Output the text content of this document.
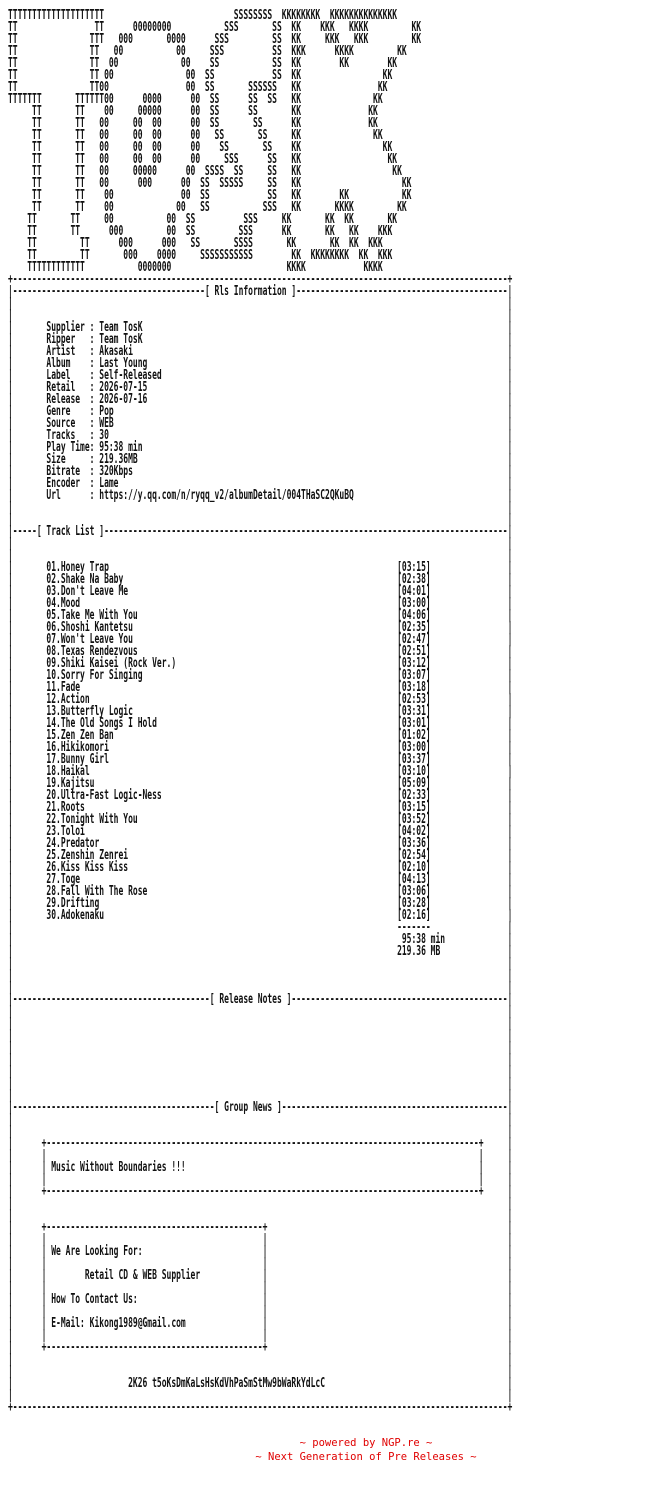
TTTTTTTTTTTTTTTTTTTT                           SSSSSSSS  KKKKKKKK  KKKKKKKKKKKKKK
TT                TT      00000000           SSS       SS  KK    KKK   KKKK         KK
TT               TTT   000       0000      SSS         SS  KK     KKK   KKK         KK
TT               TT   00           00     SSS          SS  KKK      KKKK         KK
TT               TT  00             00    SS           SS  KK        KK        KK
TT               TT 00               00  SS            SS  KK                 KK
TT               TT00                00  SS       SSSSSS   KK                KK
TTTTTTT       TTTTTT00      0000      00  SS      SS  SS   KK               KK
TT       TT    00     00000      00  SS      SS       KK              KK
TT       TT   00     00  00      00  SS       SS      KK              KK
TT       TT   00     00  00      00   SS       SS     KK               KK
TT       TT   00     00  00      00    SS       SS    KK                 KK
TT       TT   00     00  00      00     SSS      SS   KK                  KK
TT       TT   00     00000      00  SSSS  SS     SS   KK                   KK
TT       TT   00      000      00  SS  SSSSS     SS   KK                     KK
TT       TT    00              00  SS            SS   KK        KK           KK
TT       TT    00             00   SS           SSS   KK       KKKK         KK
TT       TT     00           00  SS          SSS     KK       KK  KK       KK
TT       TT      000         00  SS         SSS      KK       KK   KK    KKK
TT         TT      000      000   SS       SSSS       KK       KK  KK  KKK
TT         TT       000    0000     SSSSSSSSSSS        KK  KKKKKKKK  KK  KKK
TTTTTTTTTTTT           0000000                        KKKK            KKKK
+-------------------------------------------------------------------------------------------------------+
|----------------------------------------[ Rls Information ]--------------------------------------------|
|                                                                                                       |
|                                                                                                       |
|       Supplier : Team TosK	|
|       Ripper   : Team TosK	|
|       Artist   : Akasaki	|
|       Album    : Last Young	|
|       Label    : Self-Released	|
|       Retail   : 2026-07-15	|
|       Release  : 2026-07-16	|
|       Genre    : Pop	|
|       Source   : WEB	|
|       Tracks   : 30	|
|       Play Time: 95:38 min	|
|       Size     : 219.36MB	|
|       Bitrate  : 320Kbps	|
|       Encoder  : Lame	|
|       Url      : https://y.qq.com/n/ryqq_v2/albumDetail/004THaSC2QKuBQ	|
|                                                                                                       |
|                                                                                                       |
|-----[ Track List ]------------------------------------------------------------------------------------|
|                                                                                                       |
|                                                                                                       |
|       01.Honey Trap	[03:15]	|
|       02.Shake Na Baby	[02:38]	|
|       03.Don't Leave Me	[04:01]	|
|       04.Mood	[03:00]	|
|       05.Take Me With You	[04:06]	|
|       06.Shoshi Kantetsu	[02:35]	|
|       07.Won't Leave You	[02:47]	|
|       08.Texas Rendezvous	[02:51]	|
|       09.Shiki Kaisei (Rock Ver.)	[03:12]	|
|       10.Sorry For Singing	[03:07]	|
|       11.Fade	[03:18]	|
|       12.Action	[02:53]	|
|       13.Butterfly Logic	[03:31]	|
|       14.The Old Songs I Hold	[03:01]	|
|       15.Zen Zen Ban	[01:02]	|
|       16.Hikikomori	[03:00]	|
|       17.Bunny Girl	[03:37]	|
|       18.Haikal	[03:10]	|
|       19.Kajitsu	[05:09]	|
|       20.Ultra-Fast Logic-Ness	[02:33]	|
|       21.Roots	[03:15]	|
|       22.Tonight With You	[03:52]	|
|       23.Toloi	[04:02]	|
|       24.Predator	[03:36]	|
|       25.Zenshin Zenrei	[02:54]	|
|       26.Kiss Kiss Kiss	[02:10]	|
|       27.Toge	[04:13]	|
|       28.Fall With The Rose	[03:06]	|
|       29.Drifting	[03:28]	|
|       30.Adokenaku	[02:16]	|
|                                                                                -------	|
|                                                                                 95:38 min	|
|                                                                                219.36 MB	|
|                                                                                                       |
|                                                                                                       |
|                                                                                                       |
|-----------------------------------------[ Release Notes ]---------------------------------------------|
|                                                                                                       |
|                                                                                                       |
|                                                                                                       |
|                                                                                                       |
|                                                                                                       |
|                                                                                                       |
|                                                                                                       |
|                                                                                                       |
|------------------------------------------[ Group News ]-----------------------------------------------|
|                                                                                                       |
|                                                                                                       |
|      +------------------------------------------------------------------------------------------+     |
|      |                                                                                          |     |
|      | Music Without Boundaries !!!                                                             |     |
|      |                                                                                          |     |
|      +------------------------------------------------------------------------------------------+     |
|                                                                                                       |
|                                                                                                       |
|      +---------------------------------------------+	|
|      |                                             |	|
|      | We Are Looking For:                         |	|
|      |                                             |	|
|      |        Retail CD & WEB Supplier             |	|
|      |                                             |	|
|      | How To Contact Us:                          |	|
|      |                                             |	|
|      | E-Mail: Kikong1989@Gmail.com                |	|
|      |                                             |	|
|      +---------------------------------------------+	|
|                                                                                                       |
|                                                                                                       |
|                        2K26 t5oKsDmKaLsHsKdVhPaSmStMw9bWaRkYdLcC	|
|                                                                                                       |
+-------------------------------------------------------------------------------------------------------+

~ powered by NGP.re ~
~ Next Generation of Pre Releases ~
